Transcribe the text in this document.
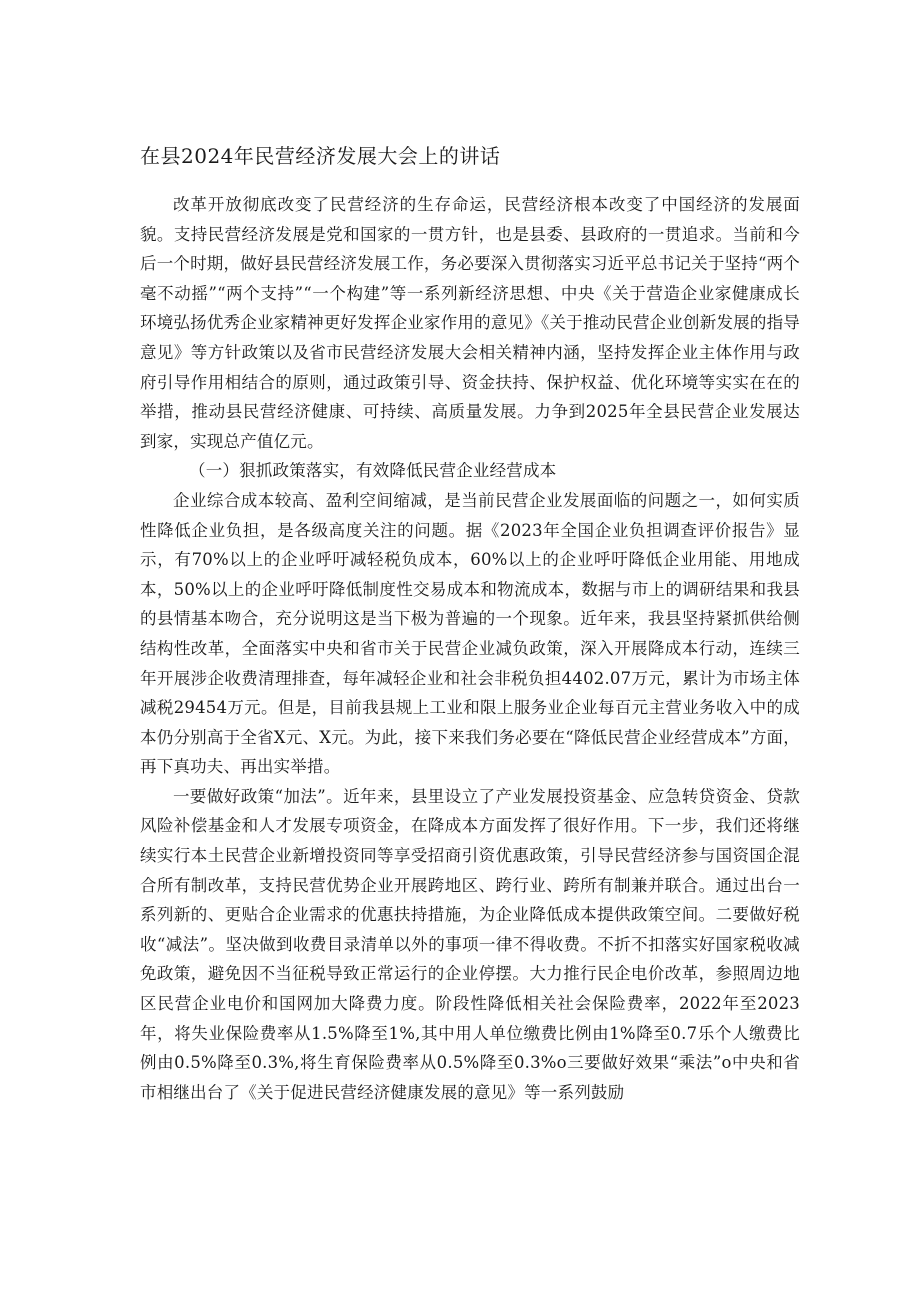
在县2024年民营经济发展大会上的讲话

改革开放彻底改变了民营经济的生存命运，民营经济根本改变了中国经济的发展面貌。支持民营经济发展是党和国家的一贯方针，也是县委、县政府的一贯追求。当前和今后一个时期，做好县民营经济发展工作，务必要深入贯彻落实习近平总书记关于坚持“两个毫不动摇”“两个支持”“一个构建”等一系列新经济思想、中央《关于营造企业家健康成长环境弘扬优秀企业家精神更好发挥企业家作用的意见》《关于推动民营企业创新发展的指导意见》等方针政策以及省市民营经济发展大会相关精神内涵，坚持发挥企业主体作用与政府引导作用相结合的原则，通过政策引导、资金扶持、保护权益、优化环境等实实在在的举措，推动县民营经济健康、可持续、高质量发展。力争到2025年全县民营企业发展达到家，实现总产值亿元。

（一）狠抓政策落实，有效降低民营企业经营成本

企业综合成本较高、盈利空间缩减，是当前民营企业发展面临的问题之一，如何实质性降低企业负担，是各级高度关注的问题。据《2023年全国企业负担调查评价报告》显示，有70%以上的企业呼吁减轻税负成本，60%以上的企业呼吁降低企业用能、用地成本，50%以上的企业呼吁降低制度性交易成本和物流成本，数据与市上的调研结果和我县的县情基本吻合，充分说明这是当下极为普遍的一个现象。近年来，我县坚持紧抓供给侧结构性改革，全面落实中央和省市关于民营企业减负政策，深入开展降成本行动，连续三年开展涉企收费清理排查，每年减轻企业和社会非税负担4402.07万元，累计为市场主体减税29454万元。但是，目前我县规上工业和限上服务业企业每百元主营业务收入中的成本仍分别高于全省X元、X元。为此，接下来我们务必要在“降低民营企业经营成本”方面，再下真功夫、再出实举措。

一要做好政策“加法”。近年来，县里设立了产业发展投资基金、应急转贷资金、贷款风险补偿基金和人才发展专项资金，在降成本方面发挥了很好作用。下一步，我们还将继续实行本土民营企业新增投资同等享受招商引资优惠政策，引导民营经济参与国资国企混合所有制改革，支持民营优势企业开展跨地区、跨行业、跨所有制兼并联合。通过出台一系列新的、更贴合企业需求的优惠扶持措施，为企业降低成本提供政策空间。二要做好税收“减法”。坚决做到收费目录清单以外的事项一律不得收费。不折不扣落实好国家税收减免政策，避免因不当征税导致正常运行的企业停摆。大力推行民企电价改革，参照周边地区民营企业电价和国网加大降费力度。阶段性降低相关社会保险费率，2022年至2023年，将失业保险费率从1.5%降至1%,其中用人单位缴费比例由1%降至0.7乐个人缴费比例由0.5%降至0.3%,将生育保险费率从0.5%降至0.3%o三要做好效果“乘法”o中央和省市相继出台了《关于促进民营经济健康发展的意见》等一系列鼓励
